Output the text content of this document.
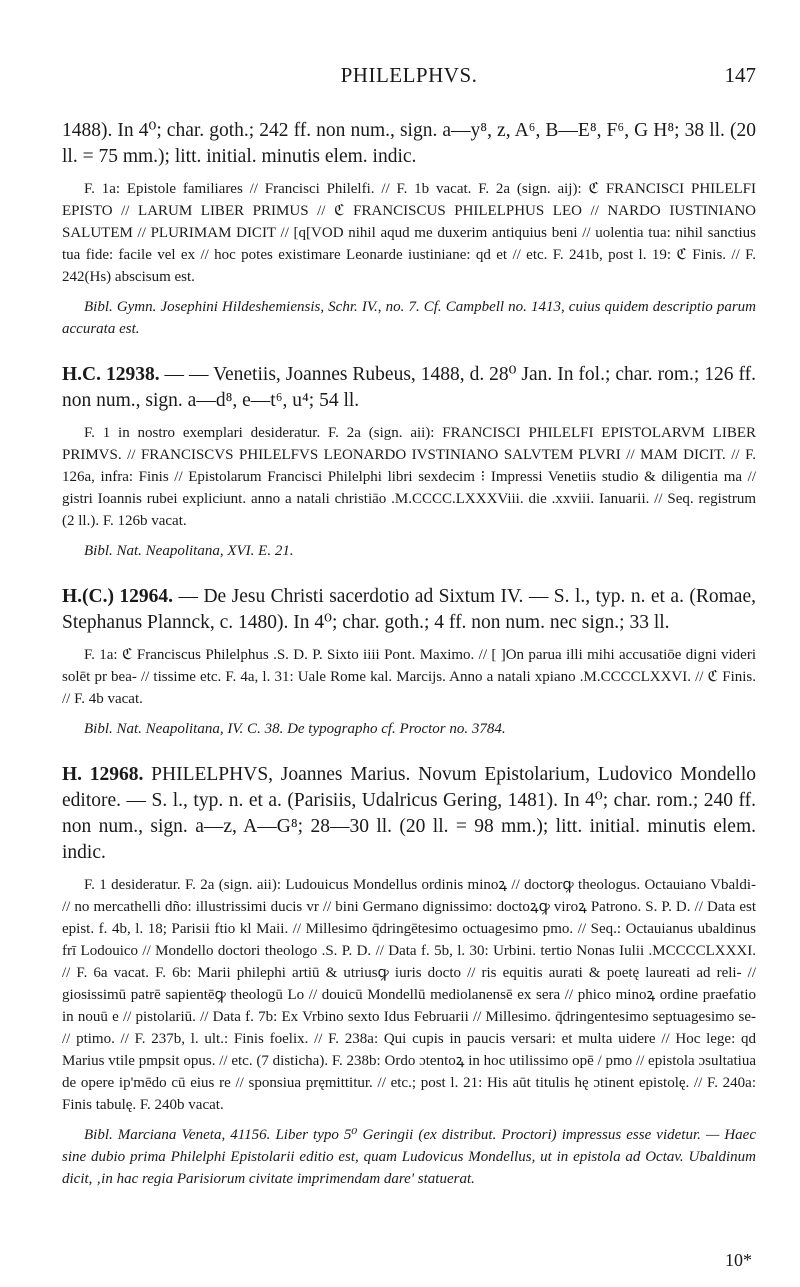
PHILELPHVS.	147

1488). In 4⁰; char. goth.; 242 ff. non num., sign. a—y⁸, z, A⁶, B—E⁸, F⁶, G H⁸; 38 ll. (20 ll. = 75 mm.); litt. initial. minutis elem. indic.

F. 1a: Epistole familiares // Francisci Philelfi. // F. 1b vacat. F. 2a (sign. aij): ℭ FRANCISCI PHILELFI EPISTO // LARUM LIBER PRIMUS // ℭ FRANCISCUS PHILELPHUS LEO // NARDO IUSTINIANO SALUTEM // PLURIMAM DICIT // [q[VOD nihil aqud me duxerim antiquius beni // uolentia tua: nihil sanctius tua fide: facile vel ex // hoc potes existimare Leonarde iustiniane: qd et // etc. F. 241b, post l. 19: ℭ Finis. // F. 242(Hs) abscisum est.

Bibl. Gymn. Josephini Hildeshemiensis, Schr. IV., no. 7. Cf. Campbell no. 1413, cuius quidem descriptio parum accurata est.

H.C. 12938. — — Venetiis, Joannes Rubeus, 1488, d. 28⁰ Jan. In fol.; char. rom.; 126 ff. non num., sign. a—d⁸, e—t⁶, u⁴; 54 ll.

F. 1 in nostro exemplari desideratur. F. 2a (sign. aii): FRANCISCI PHILELFI EPISTOLARVM LIBER PRIMVS. // FRANCISCVS PHILELFVS LEONARDO IVSTINIANO SALVTEM PLVRI // MAM DICIT. // F. 126a, infra: Finis // Epistolarum Francisci Philelphi libri sexdecim ⁝ Impressi Venetiis studio & diligentia ma // gistri Ioannis rubei expliciunt. anno a natali christiāo .M.CCCC.LXXXViii. die .xxviii. Ianuarii. // Seq. registrum (2 ll.). F. 126b vacat.

Bibl. Nat. Neapolitana, XVI. E. 21.

H.(C.) 12964. — De Jesu Christi sacerdotio ad Sixtum IV. — S. l., typ. n. et a. (Romae, Stephanus Plannck, c. 1480). In 4⁰; char. goth.; 4 ff. non num. nec sign.; 33 ll.

F. 1a: ℭ Franciscus Philelphus .S. D. P. Sixto iiii Pont. Maximo. // [ ]On parua illi mihi accusatiōe digni videri solēt pr bea- // tissime etc. F. 4a, l. 31: Uale Rome kal. Marcijs. Anno a natali xpiano .M.CCCCLXXVI. // ℭ Finis. // F. 4b vacat.

Bibl. Nat. Neapolitana, IV. C. 38. De typographo cf. Proctor no. 3784.

H. 12968. PHILELPHVS, Joannes Marius. Novum Epistolarium, Ludovico Mondello editore. — S. l., typ. n. et a. (Parisiis, Udalricus Gering, 1481). In 4⁰; char. rom.; 240 ff. non num., sign. a—z, A—G⁸; 28—30 ll. (20 ll. = 98 mm.); litt. initial. minutis elem. indic.

F. 1 desideratur. F. 2a (sign. aii): Ludouicus Mondellus ordinis minoꝝ // doctorꝙ theologus. Octauiano Vbaldi- // no mercathelli dño: illustrissimi ducis vr // bini Germano dignissimo: doctoꝝꝙ viroꝝ Patrono. S. P. D. // Data est epist. f. 4b, l. 18; Parisii ftio kl Maii. // Millesimo q̄dringētesimo octuagesimo pmo. // Seq.: Octauianus ubaldinus frī Lodouico // Mondello doctori theologo .S. P. D. // Data f. 5b, l. 30: Urbini. tertio Nonas Iulii .MCCCCLXXXI. // F. 6a vacat. F. 6b: Marii philephi artiū & utriusꝙ iuris docto // ris equitis aurati & poetę laureati ad reli- // giosissimū patrē sapientēꝙ theologū Lo // douicū Mondellū mediolanensē ex sera // phico minoꝝ ordine praefatio in nouū e // pistolariū. // Data f. 7b: Ex Vrbino sexto Idus Februarii // Millesimo. q̄dringentesimo septuagesimo se- // ptimo. // F. 237b, l. ult.: Finis foelix. // F. 238a: Qui cupis in paucis versari: et multa uidere // Hoc lege: qd Marius vtile pmpsit opus. // etc. (7 disticha). F. 238b: Ordo ɔtentoꝝ in hoc utilissimo opē / pmo // epistola ɔsultatiua de opere ip'mēdo cū eius re // sponsiua pręmittitur. // etc.; post l. 21: His aūt titulis hę ɔtinent epistolę. // F. 240a: Finis tabulę. F. 240b vacat.

Bibl. Marciana Veneta, 41156. Liber typo 5⁰ Geringii (ex distribut. Proctori) impressus esse videtur. — Haec sine dubio prima Philelphi Epistolarii editio est, quam Ludovicus Mondellus, ut in epistola ad Octav. Ubaldinum dicit, ‚in hac regia Parisiorum civitate imprimendam dare' statuerat.

10*
